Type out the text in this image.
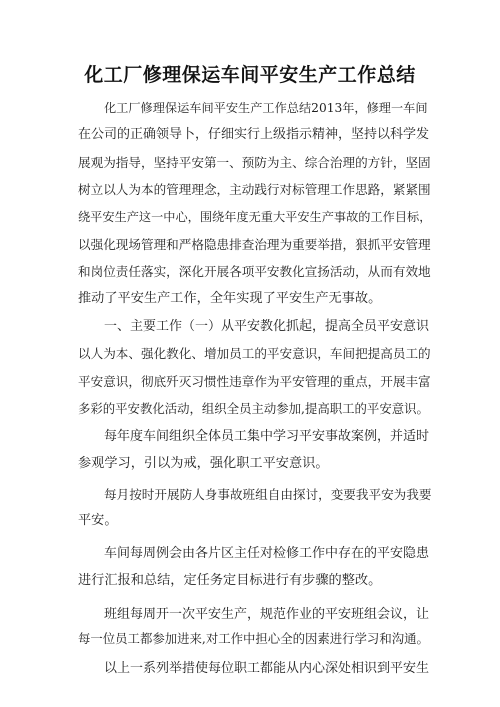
化工厂修理保运车间平安生产工作总结
化工厂修理保运车间平安生产工作总结2013年，修理一车间
在公司的正确领导卜，仔细实行上级指示精神，坚持以科学发
展观为指导，坚持平安第一、预防为主、综合治理的方针，坚固
树立以人为本的管理理念，主动践行对标管理工作思路，紧紧围
绕平安生产这一中心，围绕年度无重大平安生产事故的工作目标，
以强化现场管理和严格隐患排查治理为重要举措，狠抓平安管理
和岗位责任落实，深化开展各项平安教化宣扬活动，从而有效地
推动了平安生产工作，全年实现了平安生产无事故。
一、主要工作（一）从平安教化抓起，提高全员平安意识
以人为本、强化教化、增加员工的平安意识，车间把提高员工的
平安意识，彻底歼灭习惯性违章作为平安管理的重点，开展丰富
多彩的平安教化活动，组织全员主动参加,提高职工的平安意识。
每年度车间组织全体员工集中学习平安事故案例，并适时
参观学习，引以为戒，强化职工平安意识。
每月按时开展防人身事故班组自由探讨，变要我平安为我要
平安。
车间每周例会由各片区主任对检修工作中存在的平安隐患
进行汇报和总结，定任务定目标进行有步骤的整改。
班组每周开一次平安生产，规范作业的平安班组会议，让
每一位员工都参加进来,对工作中担心全的因素进行学习和沟通。
以上一系列举措使每位职工都能从内心深处相识到平安生
